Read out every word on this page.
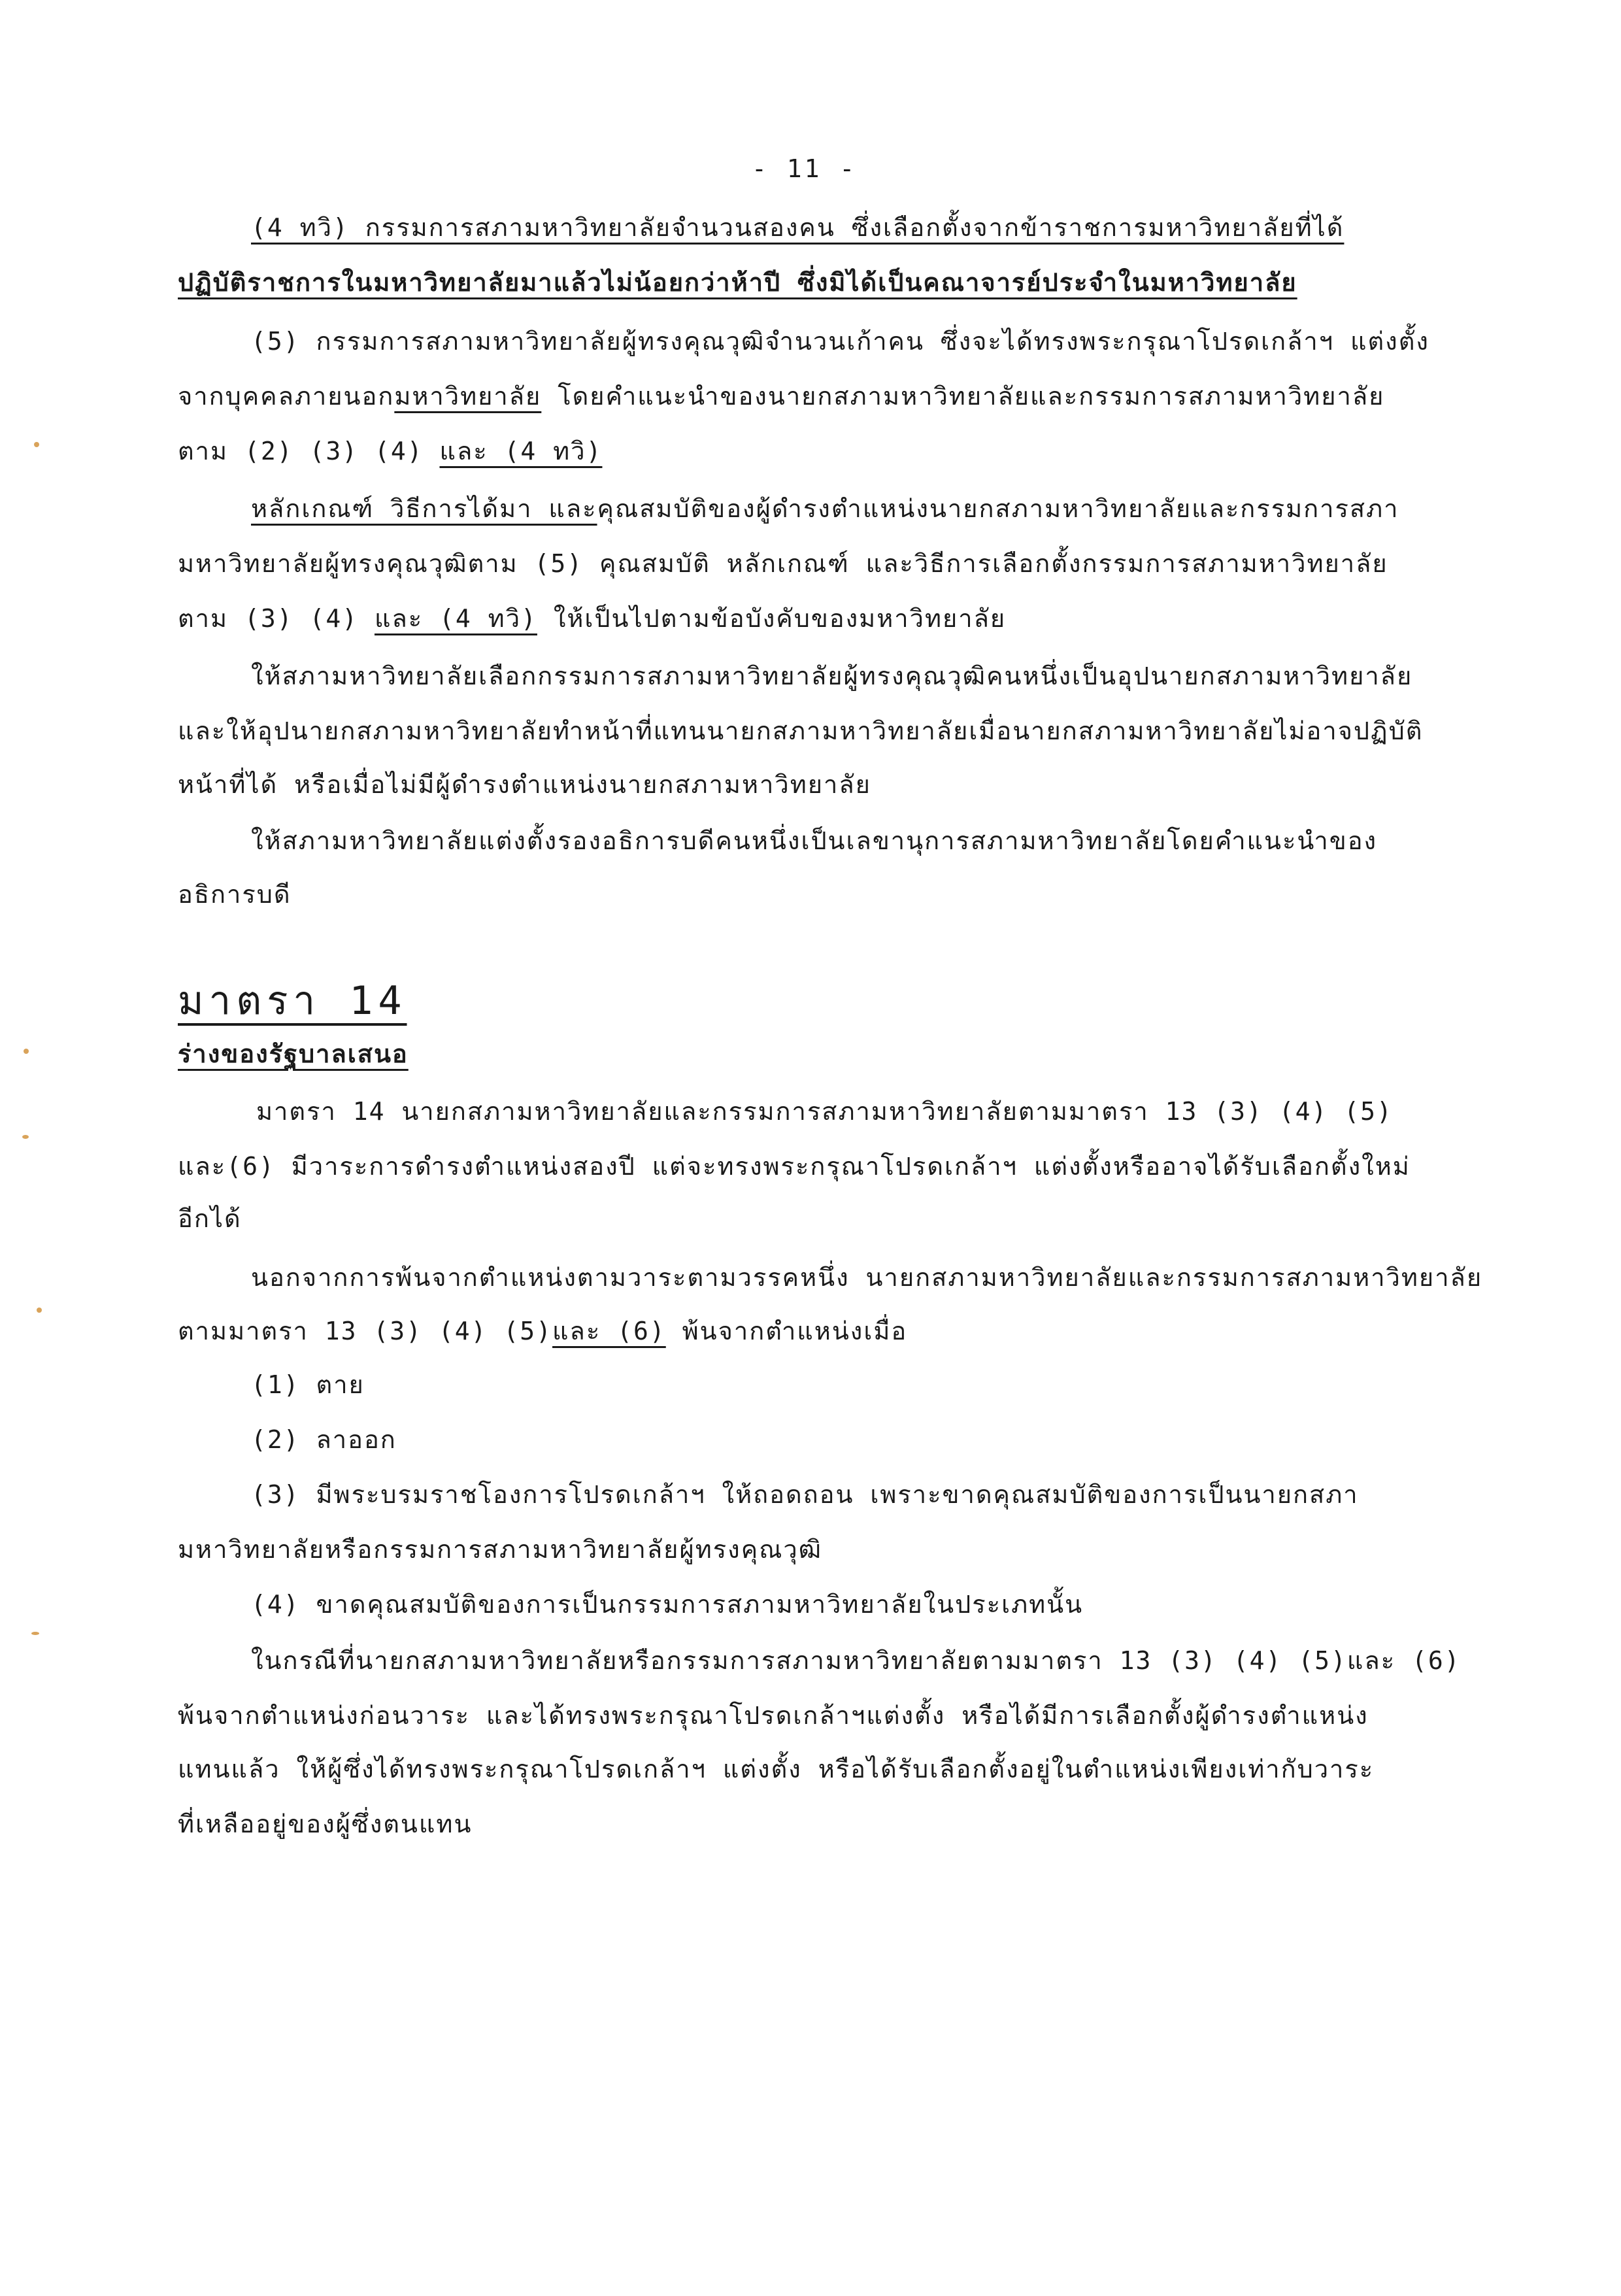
- 11 -
(4 ทวิ) กรรมการสภามหาวิทยาลัยจำนวนสองคน ซึ่งเลือกตั้งจากข้าราชการมหาวิทยาลัยที่ได้
ปฏิบัติราชการในมหาวิทยาลัยมาแล้วไม่น้อยกว่าห้าปี ซึ่งมิได้เป็นคณาจารย์ประจำในมหาวิทยาลัย
(5) กรรมการสภามหาวิทยาลัยผู้ทรงคุณวุฒิจำนวนเก้าคน ซึ่งจะได้ทรงพระกรุณาโปรดเกล้าฯ แต่งตั้ง
จากบุคคลภายนอกมหาวิทยาลัย โดยคำแนะนำของนายกสภามหาวิทยาลัยและกรรมการสภามหาวิทยาลัย
ตาม (2) (3) (4) และ (4 ทวิ)
หลักเกณฑ์ วิธีการได้มา และคุณสมบัติของผู้ดำรงตำแหน่งนายกสภามหาวิทยาลัยและกรรมการสภา
มหาวิทยาลัยผู้ทรงคุณวุฒิตาม (5) คุณสมบัติ หลักเกณฑ์ และวิธีการเลือกตั้งกรรมการสภามหาวิทยาลัย
ตาม (3) (4) และ (4 ทวิ) ให้เป็นไปตามข้อบังคับของมหาวิทยาลัย
ให้สภามหาวิทยาลัยเลือกกรรมการสภามหาวิทยาลัยผู้ทรงคุณวุฒิคนหนึ่งเป็นอุปนายกสภามหาวิทยาลัย
และให้อุปนายกสภามหาวิทยาลัยทำหน้าที่แทนนายกสภามหาวิทยาลัยเมื่อนายกสภามหาวิทยาลัยไม่อาจปฏิบัติ
หน้าที่ได้ หรือเมื่อไม่มีผู้ดำรงตำแหน่งนายกสภามหาวิทยาลัย
ให้สภามหาวิทยาลัยแต่งตั้งรองอธิการบดีคนหนึ่งเป็นเลขานุการสภามหาวิทยาลัยโดยคำแนะนำของ
อธิการบดี
มาตรา 14
ร่างของรัฐบาลเสนอ
มาตรา 14 นายกสภามหาวิทยาลัยและกรรมการสภามหาวิทยาลัยตามมาตรา 13 (3) (4) (5)
และ(6) มีวาระการดำรงตำแหน่งสองปี แต่จะทรงพระกรุณาโปรดเกล้าฯ แต่งตั้งหรืออาจได้รับเลือกตั้งใหม่
อีกได้
นอกจากการพ้นจากตำแหน่งตามวาระตามวรรคหนึ่ง นายกสภามหาวิทยาลัยและกรรมการสภามหาวิทยาลัย
ตามมาตรา 13 (3) (4) (5)และ (6) พ้นจากตำแหน่งเมื่อ
(1) ตาย
(2) ลาออก
(3) มีพระบรมราชโองการโปรดเกล้าฯ ให้ถอดถอน เพราะขาดคุณสมบัติของการเป็นนายกสภา
มหาวิทยาลัยหรือกรรมการสภามหาวิทยาลัยผู้ทรงคุณวุฒิ
(4) ขาดคุณสมบัติของการเป็นกรรมการสภามหาวิทยาลัยในประเภทนั้น
ในกรณีที่นายกสภามหาวิทยาลัยหรือกรรมการสภามหาวิทยาลัยตามมาตรา 13 (3) (4) (5)และ (6)
พ้นจากตำแหน่งก่อนวาระ และได้ทรงพระกรุณาโปรดเกล้าฯแต่งตั้ง หรือได้มีการเลือกตั้งผู้ดำรงตำแหน่ง
แทนแล้ว ให้ผู้ซึ่งได้ทรงพระกรุณาโปรดเกล้าฯ แต่งตั้ง หรือได้รับเลือกตั้งอยู่ในตำแหน่งเพียงเท่ากับวาระ
ที่เหลืออยู่ของผู้ซึ่งตนแทน
